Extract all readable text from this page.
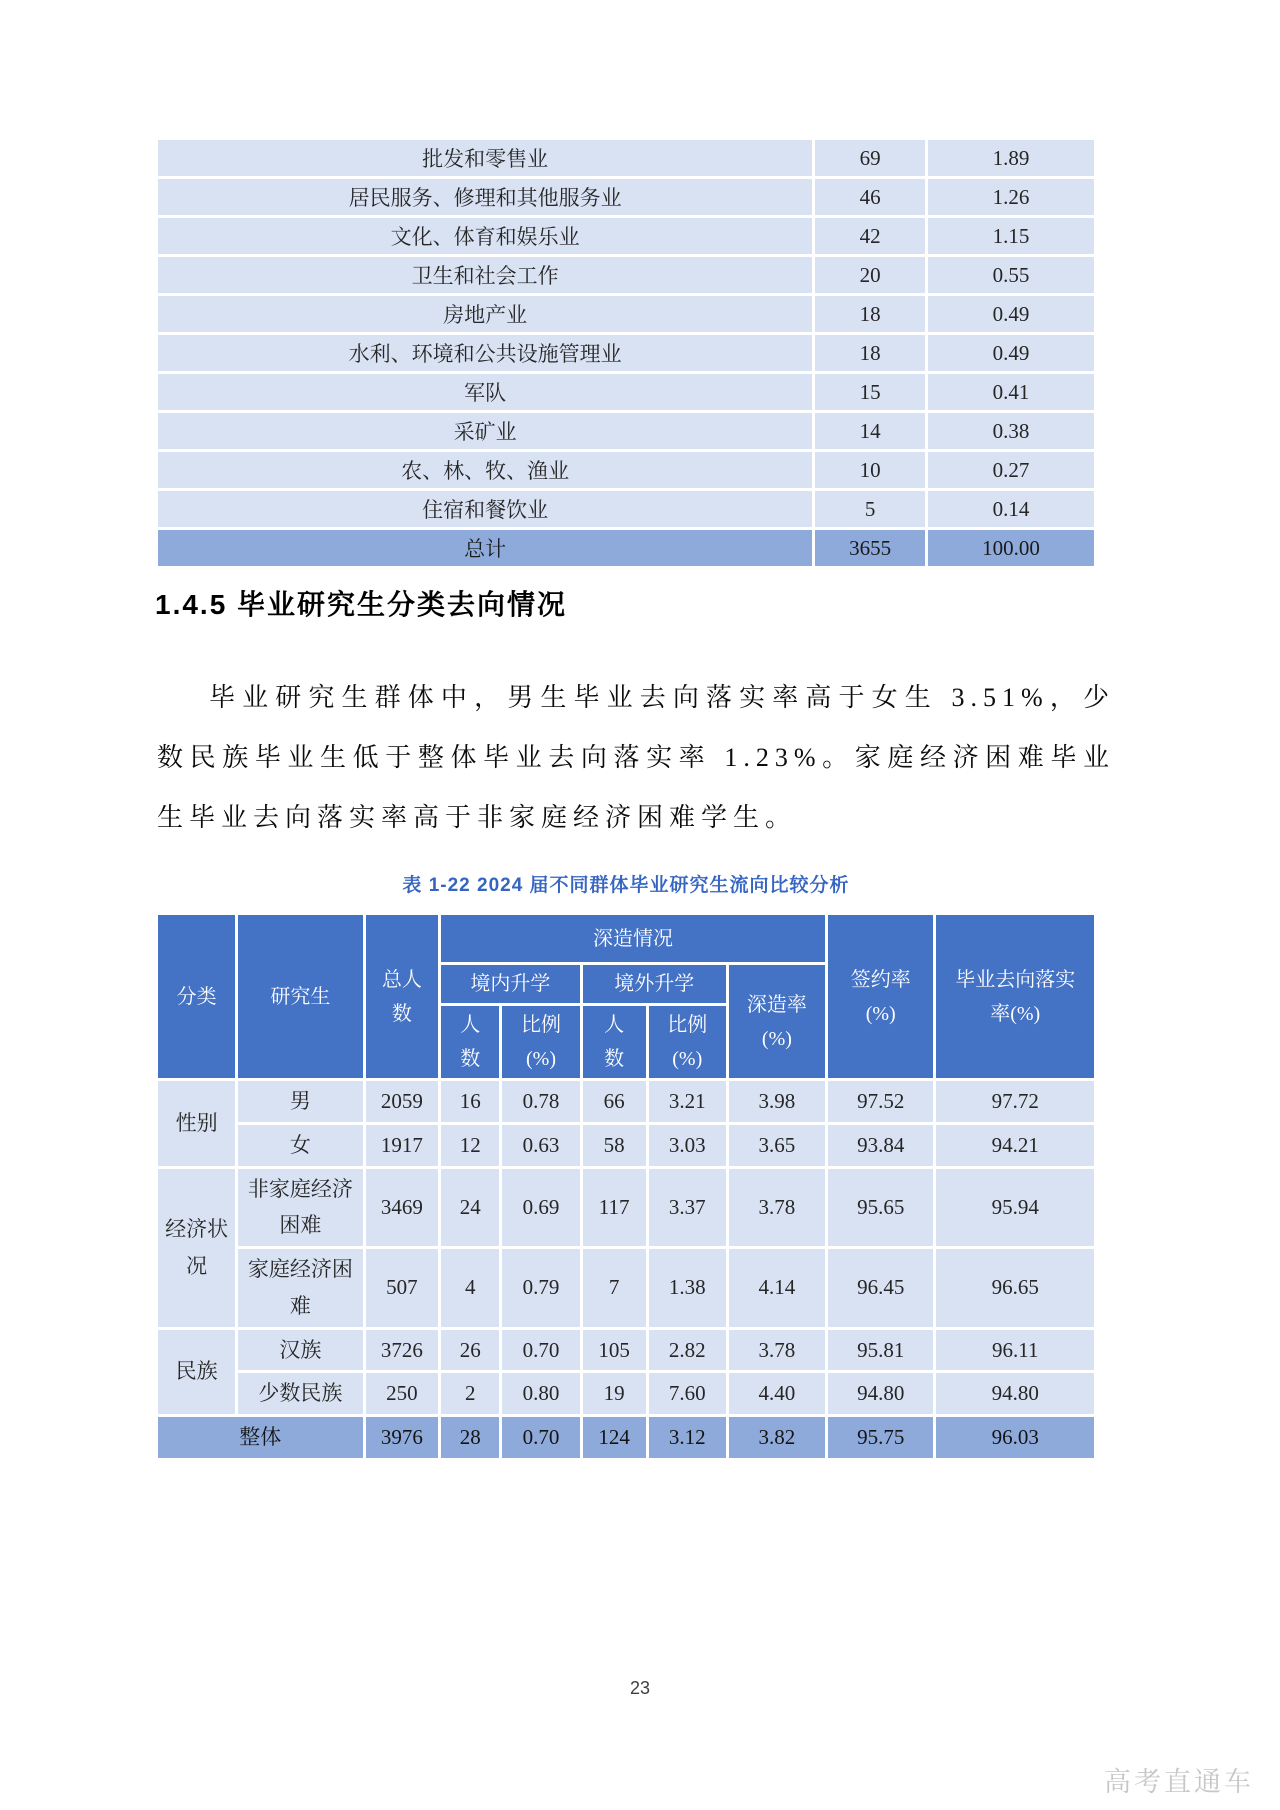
批发和零售业	69	1.89
居民服务、修理和其他服务业	46	1.26
文化、体育和娱乐业	42	1.15
卫生和社会工作	20	0.55
房地产业	18	0.49
水利、环境和公共设施管理业	18	0.49
军队	15	0.41
采矿业	14	0.38
农、林、牧、渔业	10	0.27
住宿和餐饮业	5	0.14
总计	3655	100.00
1.4.5 毕业研究生分类去向情况
毕业研究生群体中，男生毕业去向落实率高于女生 3.51%，少数民族毕业生低于整体毕业去向落实率 1.23%。家庭经济困难毕业生毕业去向落实率高于非家庭经济困难学生。
表 1-22 2024 届不同群体毕业研究生流向比较分析
分类	研究生	总人数	深造情况					签约率(%)	毕业去向落实率(%)
			境内升学		境外升学		深造率(%)		
			人数	比例(%)	人数	比例(%)			
性别	男	2059	16	0.78	66	3.21	3.98	97.52	97.72
	女	1917	12	0.63	58	3.03	3.65	93.84	94.21
经济状况	非家庭经济困难	3469	24	0.69	117	3.37	3.78	95.65	95.94
	家庭经济困难	507	4	0.79	7	1.38	4.14	96.45	96.65
民族	汉族	3726	26	0.70	105	2.82	3.78	95.81	96.11
	少数民族	250	2	0.80	19	7.60	4.40	94.80	94.80
整体		3976	28	0.70	124	3.12	3.82	95.75	96.03
23
高考直通车
